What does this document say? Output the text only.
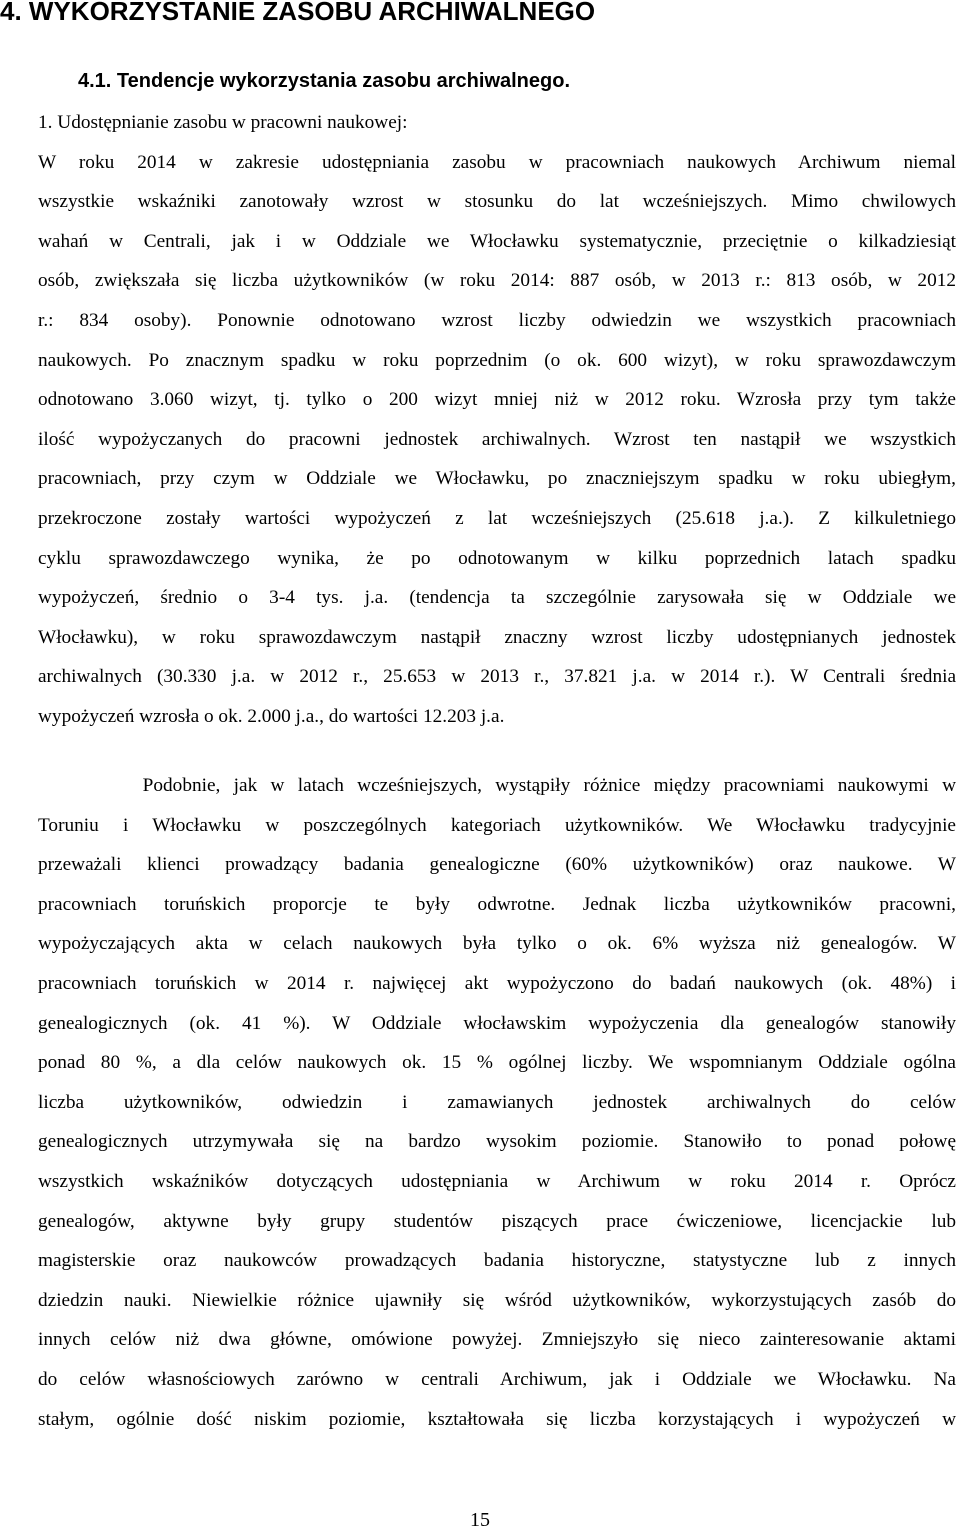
4. WYKORZYSTANIE ZASOBU ARCHIWALNEGO
4.1. Tendencje wykorzystania zasobu archiwalnego.
1. Udostępnianie zasobu w pracowni naukowej:
W roku 2014 w zakresie udostępniania zasobu w pracowniach naukowych Archiwum niemal
wszystkie wskaźniki zanotowały wzrost w stosunku do lat wcześniejszych. Mimo chwilowych
wahań w Centrali, jak i w Oddziale we Włocławku systematycznie, przeciętnie o kilkadziesiąt
osób, zwiększała się liczba użytkowników (w roku 2014: 887 osób, w 2013 r.: 813 osób, w 2012
r.: 834 osoby). Ponownie odnotowano wzrost liczby odwiedzin we wszystkich pracowniach
naukowych. Po znacznym spadku w roku poprzednim (o ok. 600 wizyt), w roku sprawozdawczym
odnotowano 3.060 wizyt, tj. tylko o 200 wizyt mniej niż w 2012 roku. Wzrosła przy tym także
ilość wypożyczanych do pracowni jednostek archiwalnych. Wzrost ten nastąpił we wszystkich
pracowniach, przy czym w Oddziale we Włocławku, po znaczniejszym spadku w roku ubiegłym,
przekroczone zostały wartości wypożyczeń z lat wcześniejszych (25.618 j.a.). Z kilkuletniego
cyklu sprawozdawczego wynika, że po odnotowanym w kilku poprzednich latach spadku
wypożyczeń, średnio o 3-4 tys. j.a. (tendencja ta szczególnie zarysowała się w Oddziale we
Włocławku), w roku sprawozdawczym nastąpił znaczny wzrost liczby udostępnianych jednostek
archiwalnych (30.330 j.a. w 2012 r., 25.653 w 2013 r., 37.821 j.a. w 2014 r.). W Centrali średnia
wypożyczeń wzrosła o ok. 2.000 j.a., do wartości 12.203 j.a.
Podobnie, jak w latach wcześniejszych, wystąpiły różnice między pracowniami naukowymi w
Toruniu i Włocławku w poszczególnych kategoriach użytkowników. We Włocławku tradycyjnie
przeważali klienci prowadzący badania genealogiczne (60% użytkowników) oraz naukowe. W
pracowniach toruńskich proporcje te były odwrotne. Jednak liczba użytkowników pracowni,
wypożyczających akta w celach naukowych była tylko o ok. 6% wyższa niż genealogów. W
pracowniach toruńskich w 2014 r. najwięcej akt wypożyczono do badań naukowych (ok. 48%) i
genealogicznych (ok. 41 %). W Oddziale włocławskim wypożyczenia dla genealogów stanowiły
ponad 80 %, a dla celów naukowych ok. 15 % ogólnej liczby. We wspomnianym Oddziale ogólna
liczba użytkowników, odwiedzin i zamawianych jednostek archiwalnych do celów
genealogicznych utrzymywała się na bardzo wysokim poziomie. Stanowiło to ponad połowę
wszystkich wskaźników dotyczących udostępniania w Archiwum w roku 2014 r. Oprócz
genealogów, aktywne były grupy studentów piszących prace ćwiczeniowe, licencjackie lub
magisterskie oraz naukowców prowadzących badania historyczne, statystyczne lub z innych
dziedzin nauki. Niewielkie różnice ujawniły się wśród użytkowników, wykorzystujących zasób do
innych celów niż dwa główne, omówione powyżej. Zmniejszyło się nieco zainteresowanie aktami
do celów własnościowych zarówno w centrali Archiwum, jak i Oddziale we Włocławku. Na
stałym, ogólnie dość niskim poziomie, kształtowała się liczba korzystających i wypożyczeń w
15
